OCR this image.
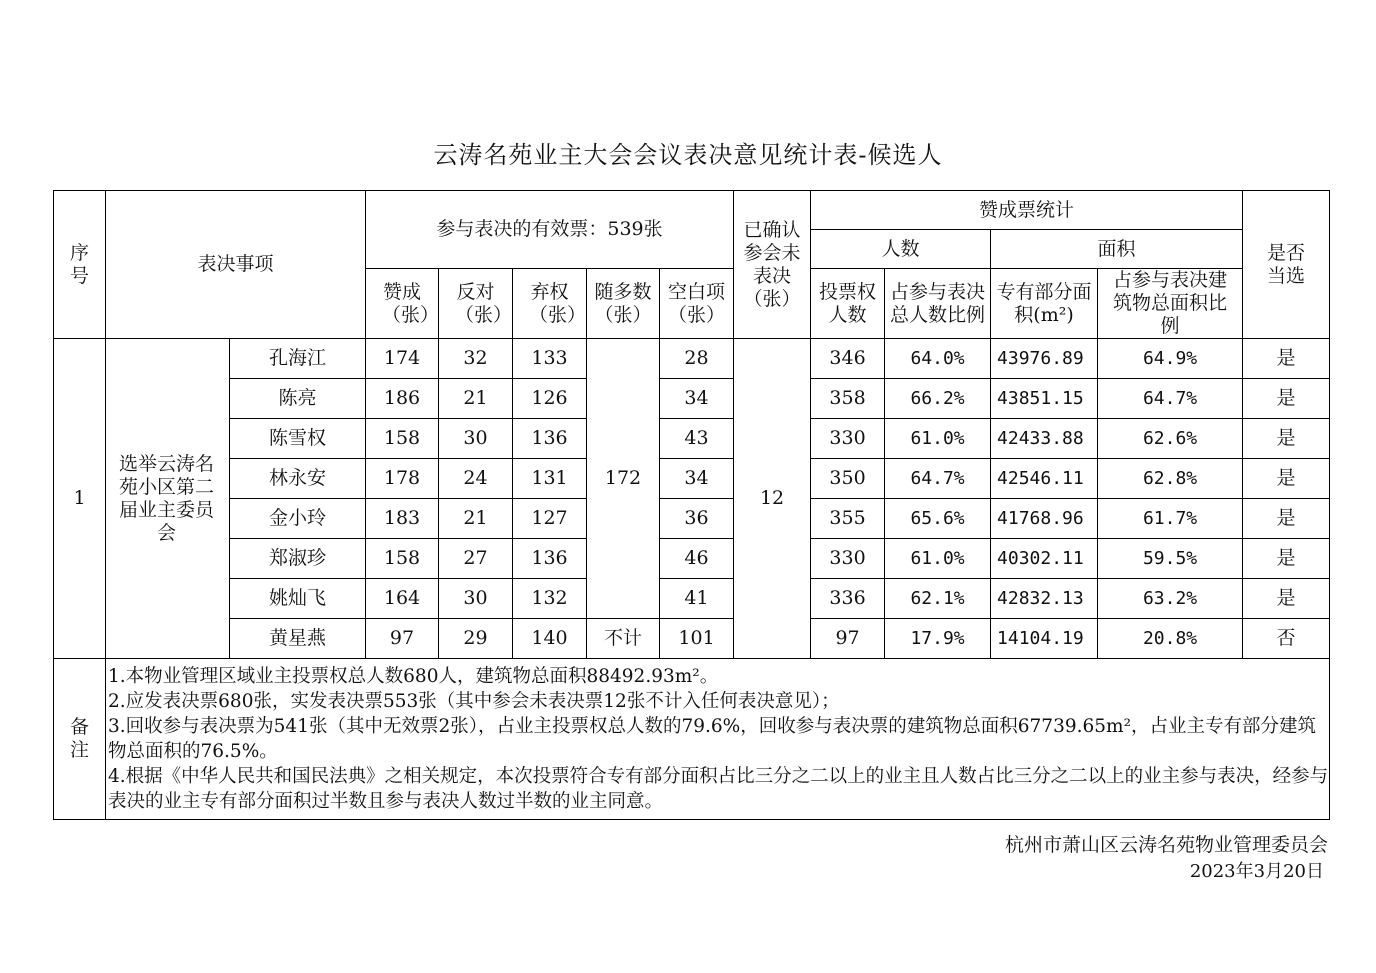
云涛名苑业主大会会议表决意见统计表-候选人
序号	表决事项		参与表决的有效票：539张					已确认参会未表决（张）	赞成票统计				是否当选
									人数		面积		
			赞成（张）	反对（张）	弃权（张）	随多数（张）	空白项（张）		投票权人数	占参与表决总人数比例	专有部分面积(m²)	占参与表决建筑物总面积比例	
1	选举云涛名苑小区第二届业主委员会	孔海江	174	32	133	172	28	12	346	64.0%	43976.89	64.9%	是
		陈亮	186	21	126		34		358	66.2%	43851.15	64.7%	是
		陈雪权	158	30	136		43		330	61.0%	42433.88	62.6%	是
		林永安	178	24	131		34		350	64.7%	42546.11	62.8%	是
		金小玲	183	21	127		36		355	65.6%	41768.96	61.7%	是
		郑淑珍	158	27	136		46		330	61.0%	40302.11	59.5%	是
		姚灿飞	164	30	132		41		336	62.1%	42832.13	63.2%	是
		黄星燕	97	29	140	不计	101		97	17.9%	14104.19	20.8%	否
备注	1.本物业管理区域业主投票权总人数680人，建筑物总面积88492.93m²。
2.应发表决票680张，实发表决票553张（其中参会未表决票12张不计入任何表决意见）；
3.回收参与表决票为541张（其中无效票2张），占业主投票权总人数的79.6%，回收参与表决票的建筑物总面积67739.65m²，占业主专有部分建筑物总面积的76.5%。
4.根据《中华人民共和国民法典》之相关规定，本次投票符合专有部分面积占比三分之二以上的业主且人数占比三分之二以上的业主参与表决，经参与表决的业主专有部分面积过半数且参与表决人数过半数的业主同意。												
杭州市萧山区云涛名苑物业管理委员会
2023年3月20日
